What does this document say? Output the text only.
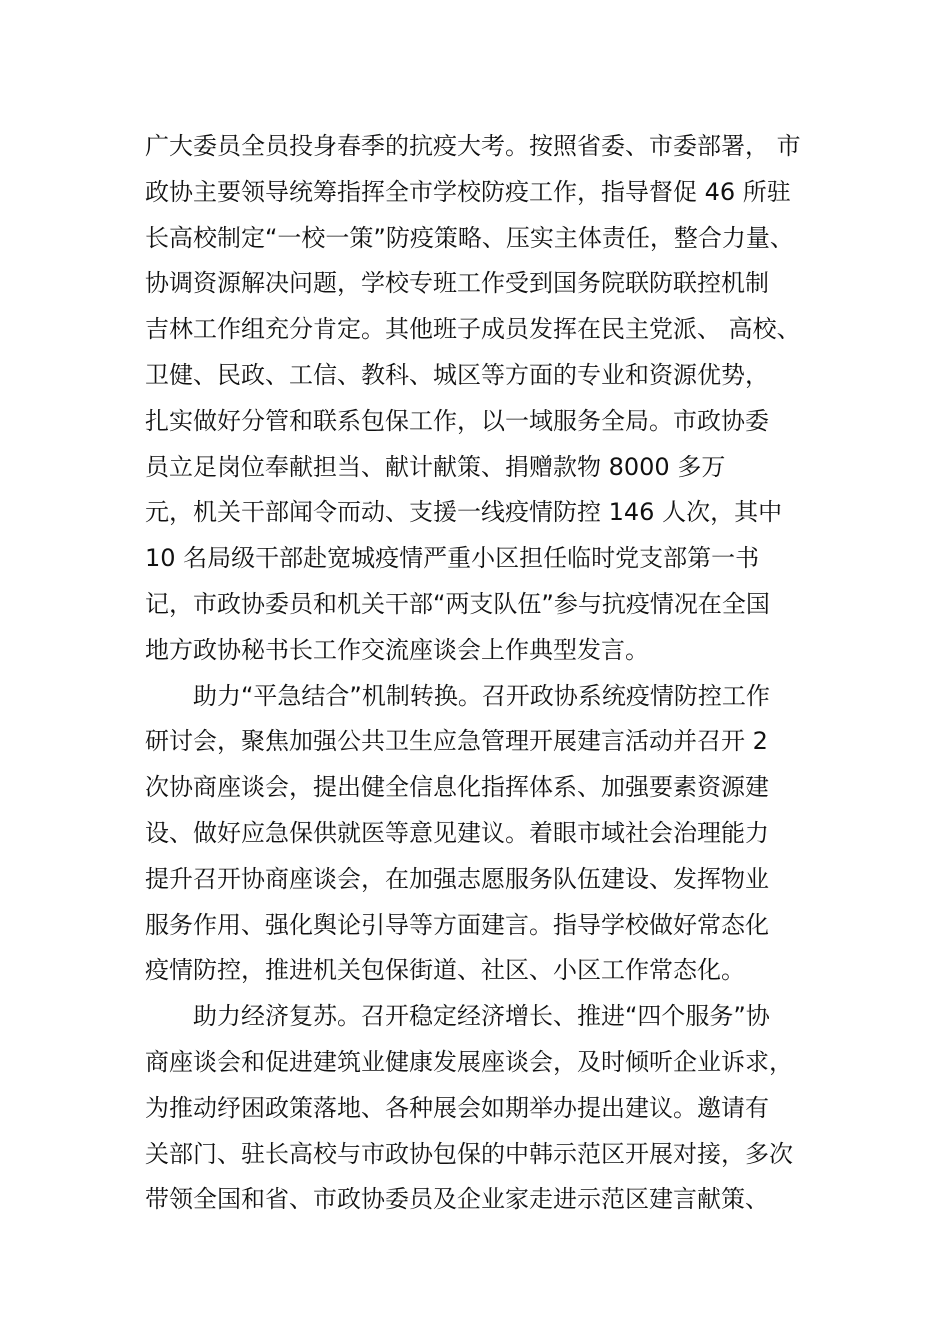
广大委员全员投身春季的抗疫大考。按照省委、市委部署， 市
政协主要领导统筹指挥全市学校防疫工作，指导督促 46 所驻
长高校制定“一校一策”防疫策略、压实主体责任，整合力量、
协调资源解决问题，学校专班工作受到国务院联防联控机制
吉林工作组充分肯定。其他班子成员发挥在民主党派、 高校、
卫健、民政、工信、教科、城区等方面的专业和资源优势，
扎实做好分管和联系包保工作，以一域服务全局。市政协委
员立足岗位奉献担当、献计献策、捐赠款物 8000 多万
元，机关干部闻令而动、支援一线疫情防控 146 人次，其中
10 名局级干部赴宽城疫情严重小区担任临时党支部第一书
记，市政协委员和机关干部“两支队伍”参与抗疫情况在全国
地方政协秘书长工作交流座谈会上作典型发言。
助力“平急结合”机制转换。召开政协系统疫情防控工作
研讨会，聚焦加强公共卫生应急管理开展建言活动并召开 2
次协商座谈会，提出健全信息化指挥体系、加强要素资源建
设、做好应急保供就医等意见建议。着眼市域社会治理能力
提升召开协商座谈会，在加强志愿服务队伍建设、发挥物业
服务作用、强化舆论引导等方面建言。指导学校做好常态化
疫情防控，推进机关包保街道、社区、小区工作常态化。
助力经济复苏。召开稳定经济增长、推进“四个服务”协
商座谈会和促进建筑业健康发展座谈会，及时倾听企业诉求，
为推动纾困政策落地、各种展会如期举办提出建议。邀请有
关部门、驻长高校与市政协包保的中韩示范区开展对接，多次
带领全国和省、市政协委员及企业家走进示范区建言献策、
